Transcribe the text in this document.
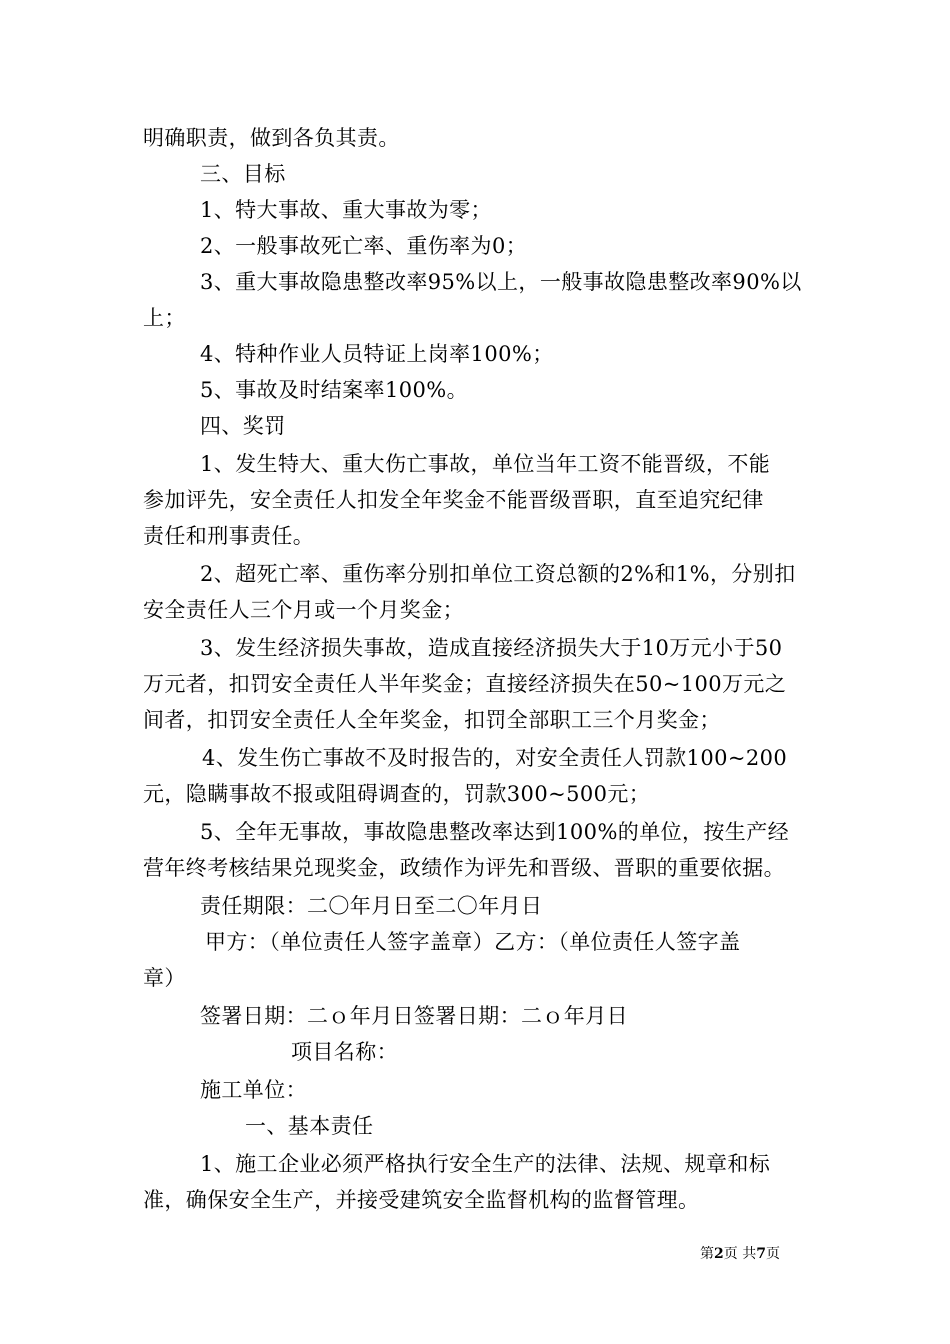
明确职责，做到各负其责。
三、目标
1、特大事故、重大事故为零；
2、一般事故死亡率、重伤率为0；
3、重大事故隐患整改率95%以上，一般事故隐患整改率90%以
上；
4、特种作业人员特证上岗率100%；
5、事故及时结案率100%。
四、奖罚
1、发生特大、重大伤亡事故，单位当年工资不能晋级，不能
参加评先，安全责任人扣发全年奖金不能晋级晋职，直至追究纪律
责任和刑事责任。
2、超死亡率、重伤率分别扣单位工资总额的2%和1%，分别扣
安全责任人三个月或一个月奖金；
3、发生经济损失事故，造成直接经济损失大于10万元小于50
万元者，扣罚安全责任人半年奖金；直接经济损失在50~100万元之
间者，扣罚安全责任人全年奖金，扣罚全部职工三个月奖金；
4、发生伤亡事故不及时报告的，对安全责任人罚款100~200
元，隐瞒事故不报或阻碍调查的，罚款300~500元；
5、全年无事故，事故隐患整改率达到100%的单位，按生产经
营年终考核结果兑现奖金，政绩作为评先和晋级、晋职的重要依据。
责任期限：二〇年月日至二〇年月日
甲方：（单位责任人签字盖章）乙方：（单位责任人签字盖
章）
签署日期：二ｏ年月日签署日期：二ｏ年月日
项目名称：
施工单位：
一、基本责任
1、施工企业必须严格执行安全生产的法律、法规、规章和标
准，确保安全生产，并接受建筑安全监督机构的监督管理。
第2页 共7页
